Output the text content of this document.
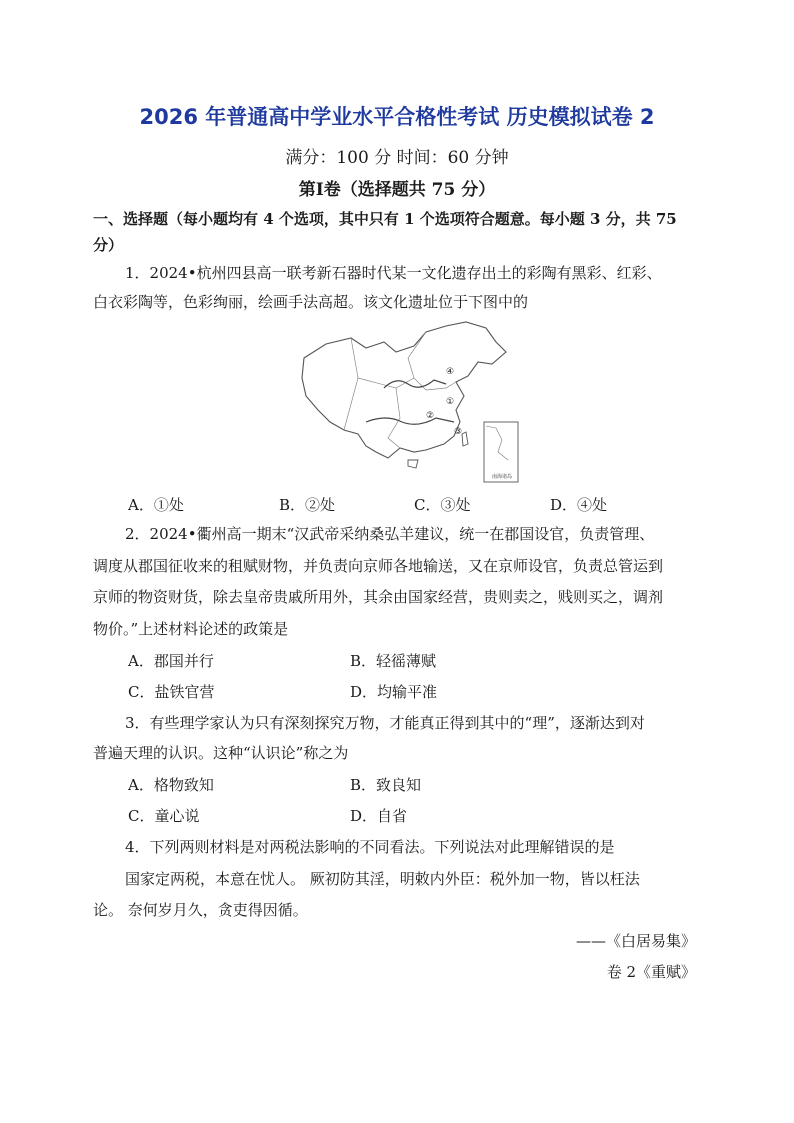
2026 年普通高中学业水平合格性考试 历史模拟试卷 2
满分：100 分 时间：60 分钟
第Ⅰ卷（选择题共 75 分）
一、选择题（每小题均有 4 个选项，其中只有 1 个选项符合题意。每小题 3 分，共 75
分）
1．2024•杭州四县高一联考新石器时代某一文化遗存出土的彩陶有黑彩、红彩、
白衣彩陶等，色彩绚丽，绘画手法高超。该文化遗址位于下图中的
④
①
②
③
南海诸岛
A．①处	B．②处	C．③处	D．④处
2．2024•衢州高一期末“汉武帝采纳桑弘羊建议，统一在郡国设官，负责管理、
调度从郡国征收来的租赋财物，并负责向京师各地输送，又在京师设官，负责总管运到
京师的物资财货，除去皇帝贵戚所用外，其余由国家经营，贵则卖之，贱则买之，调剂
物价。”上述材料论述的政策是
A．郡国并行	B．轻徭薄赋
C．盐铁官营	D．均输平准
3．有些理学家认为只有深刻探究万物，才能真正得到其中的“理”，逐渐达到对
普遍天理的认识。这种“认识论”称之为
A．格物致知	B．致良知
C．童心说	D．自省
4．下列两则材料是对两税法影响的不同看法。下列说法对此理解错误的是
国家定两税，本意在忧人。 厥初防其淫，明敕内外臣：税外加一物，皆以枉法
论。 奈何岁月久，贪吏得因循。
——《白居易集》
卷 2《重赋》
